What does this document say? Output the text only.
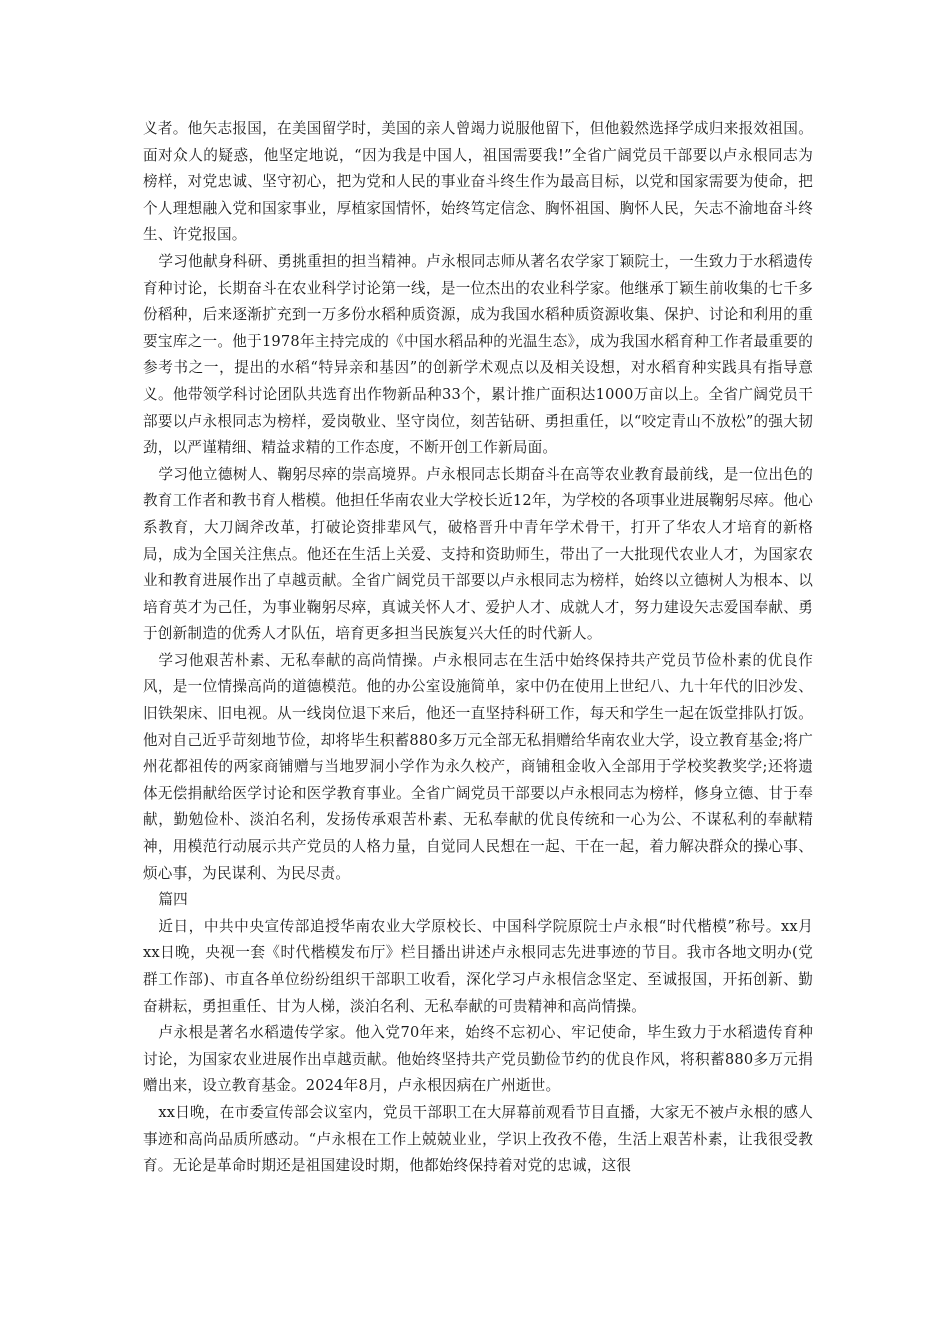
义者。他矢志报国，在美国留学时，美国的亲人曾竭力说服他留下，但他毅然选择学成归来报效祖国。面对众人的疑惑，他坚定地说，“因为我是中国人，祖国需要我!”全省广阔党员干部要以卢永根同志为榜样，对党忠诚、坚守初心，把为党和人民的事业奋斗终生作为最高目标，以党和国家需要为使命，把个人理想融入党和国家事业，厚植家国情怀，始终笃定信念、胸怀祖国、胸怀人民，矢志不渝地奋斗终生、许党报国。

学习他献身科研、勇挑重担的担当精神。卢永根同志师从著名农学家丁颖院士，一生致力于水稻遗传育种讨论，长期奋斗在农业科学讨论第一线，是一位杰出的农业科学家。他继承丁颖生前收集的七千多份稻种，后来逐渐扩充到一万多份水稻种质资源，成为我国水稻种质资源收集、保护、讨论和利用的重要宝库之一。他于1978年主持完成的《中国水稻品种的光温生态》，成为我国水稻育种工作者最重要的参考书之一，提出的水稻“特异亲和基因”的创新学术观点以及相关设想，对水稻育种实践具有指导意义。他带领学科讨论团队共选育出作物新品种33个，累计推广面积达1000万亩以上。全省广阔党员干部要以卢永根同志为榜样，爱岗敬业、坚守岗位，刻苦钻研、勇担重任，以“咬定青山不放松”的强大韧劲，以严谨精细、精益求精的工作态度，不断开创工作新局面。

学习他立德树人、鞠躬尽瘁的崇高境界。卢永根同志长期奋斗在高等农业教育最前线，是一位出色的教育工作者和教书育人楷模。他担任华南农业大学校长近12年，为学校的各项事业进展鞠躬尽瘁。他心系教育，大刀阔斧改革，打破论资排辈风气，破格晋升中青年学术骨干，打开了华农人才培育的新格局，成为全国关注焦点。他还在生活上关爱、支持和资助师生，带出了一大批现代农业人才，为国家农业和教育进展作出了卓越贡献。全省广阔党员干部要以卢永根同志为榜样，始终以立德树人为根本、以培育英才为己任，为事业鞠躬尽瘁，真诚关怀人才、爱护人才、成就人才，努力建设矢志爱国奉献、勇于创新制造的优秀人才队伍，培育更多担当民族复兴大任的时代新人。

学习他艰苦朴素、无私奉献的高尚情操。卢永根同志在生活中始终保持共产党员节俭朴素的优良作风，是一位情操高尚的道德模范。他的办公室设施简单，家中仍在使用上世纪八、九十年代的旧沙发、旧铁架床、旧电视。从一线岗位退下来后，他还一直坚持科研工作，每天和学生一起在饭堂排队打饭。他对自己近乎苛刻地节俭，却将毕生积蓄880多万元全部无私捐赠给华南农业大学，设立教育基金;将广州花都祖传的两家商铺赠与当地罗洞小学作为永久校产，商铺租金收入全部用于学校奖教奖学;还将遗体无偿捐献给医学讨论和医学教育事业。全省广阔党员干部要以卢永根同志为榜样，修身立德、甘于奉献，勤勉俭朴、淡泊名利，发扬传承艰苦朴素、无私奉献的优良传统和一心为公、不谋私利的奉献精神，用模范行动展示共产党员的人格力量，自觉同人民想在一起、干在一起，着力解决群众的操心事、烦心事，为民谋利、为民尽责。

篇四

近日，中共中央宣传部追授华南农业大学原校长、中国科学院原院士卢永根“时代楷模”称号。xx月xx日晚，央视一套《时代楷模发布厅》栏目播出讲述卢永根同志先进事迹的节目。我市各地文明办(党群工作部)、市直各单位纷纷组织干部职工收看，深化学习卢永根信念坚定、至诚报国，开拓创新、勤奋耕耘，勇担重任、甘为人梯，淡泊名利、无私奉献的可贵精神和高尚情操。

卢永根是著名水稻遗传学家。他入党70年来，始终不忘初心、牢记使命，毕生致力于水稻遗传育种讨论，为国家农业进展作出卓越贡献。他始终坚持共产党员勤俭节约的优良作风，将积蓄880多万元捐赠出来，设立教育基金。2024年8月，卢永根因病在广州逝世。

xx日晚，在市委宣传部会议室内，党员干部职工在大屏幕前观看节目直播，大家无不被卢永根的感人事迹和高尚品质所感动。“卢永根在工作上兢兢业业，学识上孜孜不倦，生活上艰苦朴素，让我很受教育。无论是革命时期还是祖国建设时期，他都始终保持着对党的忠诚，这很
